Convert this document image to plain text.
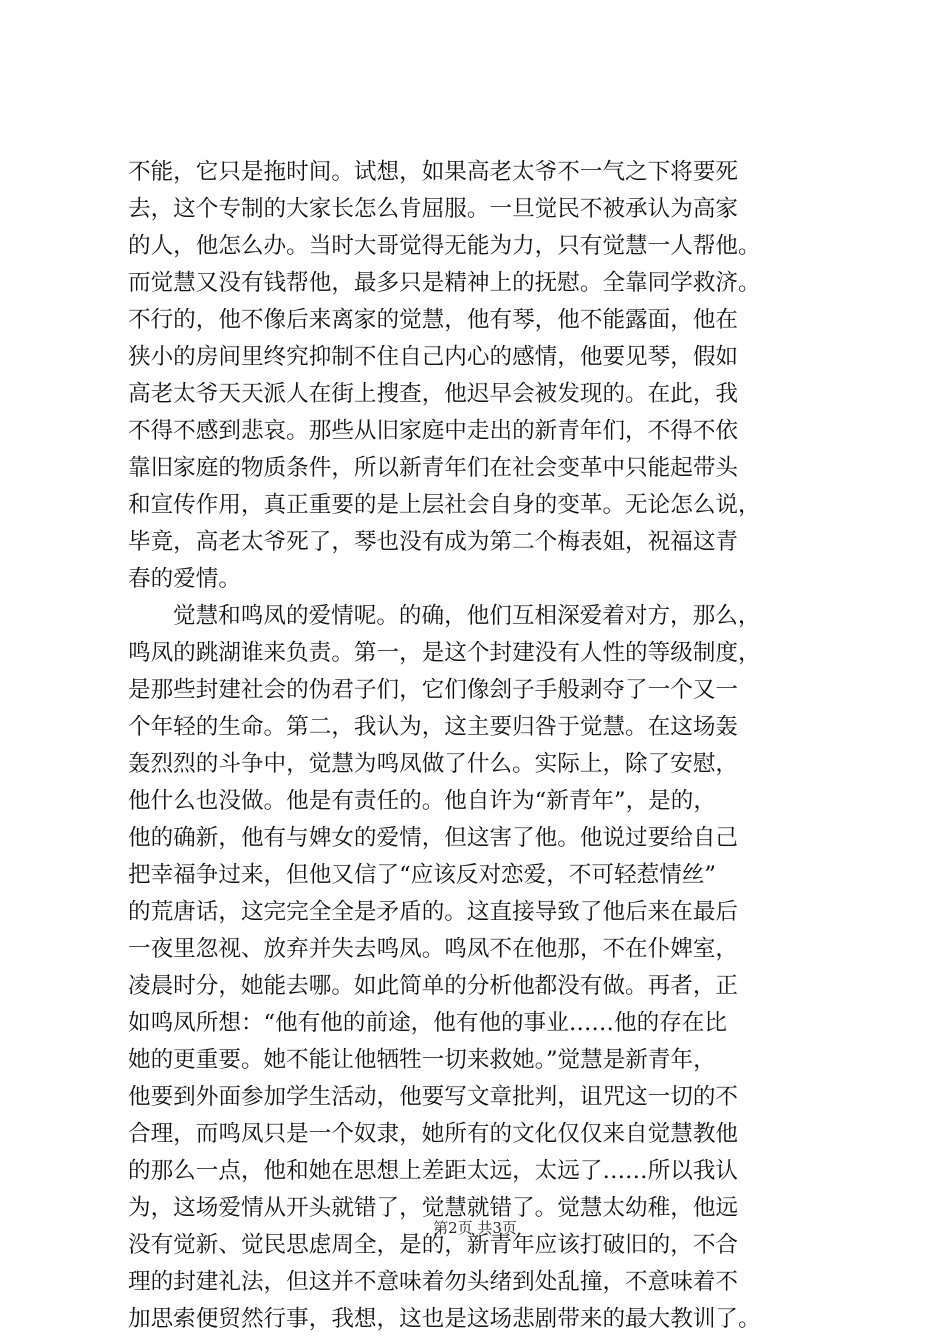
不能，它只是拖时间。试想，如果高老太爷不一气之下将要死
去，这个专制的大家长怎么肯屈服。一旦觉民不被承认为高家
的人，他怎么办。当时大哥觉得无能为力，只有觉慧一人帮他。
而觉慧又没有钱帮他，最多只是精神上的抚慰。全靠同学救济。
不行的，他不像后来离家的觉慧，他有琴，他不能露面，他在
狭小的房间里终究抑制不住自己内心的感情，他要见琴，假如
高老太爷天天派人在街上搜查，他迟早会被发现的。在此，我
不得不感到悲哀。那些从旧家庭中走出的新青年们，不得不依
靠旧家庭的物质条件，所以新青年们在社会变革中只能起带头
和宣传作用，真正重要的是上层社会自身的变革。无论怎么说，
毕竟，高老太爷死了，琴也没有成为第二个梅表姐，祝福这青
春的爱情。
觉慧和鸣凤的爱情呢。的确，他们互相深爱着对方，那么，
鸣凤的跳湖谁来负责。第一，是这个封建没有人性的等级制度，
是那些封建社会的伪君子们，它们像刽子手般剥夺了一个又一
个年轻的生命。第二，我认为，这主要归咎于觉慧。在这场轰
轰烈烈的斗争中，觉慧为鸣凤做了什么。实际上，除了安慰，
他什么也没做。他是有责任的。他自许为“新青年”，是的，
他的确新，他有与婢女的爱情，但这害了他。他说过要给自己
把幸福争过来，但他又信了“应该反对恋爱，不可轻惹情丝”
的荒唐话，这完完全全是矛盾的。这直接导致了他后来在最后
一夜里忽视、放弃并失去鸣凤。鸣凤不在他那，不在仆婢室，
凌晨时分，她能去哪。如此简单的分析他都没有做。再者，正
如鸣凤所想：“他有他的前途，他有他的事业……他的存在比
她的更重要。她不能让他牺牲一切来救她。”觉慧是新青年，
他要到外面参加学生活动，他要写文章批判，诅咒这一切的不
合理，而鸣凤只是一个奴隶，她所有的文化仅仅来自觉慧教他
的那么一点，他和她在思想上差距太远，太远了……所以我认
为，这场爱情从开头就错了，觉慧就错了。觉慧太幼稚，他远
没有觉新、觉民思虑周全，是的，新青年应该打破旧的，不合
理的封建礼法，但这并不意味着勿头绪到处乱撞，不意味着不
加思索便贸然行事，我想，这也是这场悲剧带来的最大教训了。
第2页 共3页
